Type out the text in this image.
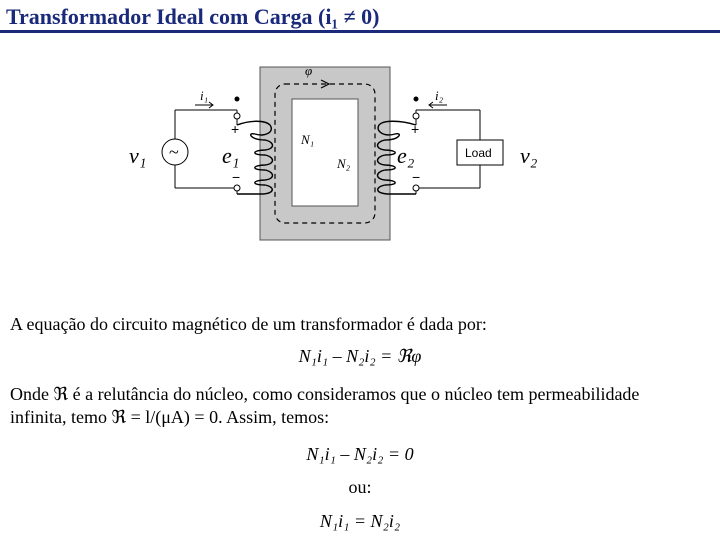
Transformador Ideal com Carga (i₁ ≠ 0)
φ
N₁
N₂
~
i₁
+
−
Load
i₂
+
−
v₁	e₁	e₂	v₂
A equação do circuito magnético de um transformador é dada por:
N₁i₁ – N₂i₂ = ℜφ
Onde ℜ é a relutância do núcleo, como consideramos que o núcleo tem permeabilidade
infinita, temo ℜ = l/(μA) = 0. Assim, temos:
N₁i₁ – N₂i₂ = 0
ou:
N₁i₁ = N₂i₂
